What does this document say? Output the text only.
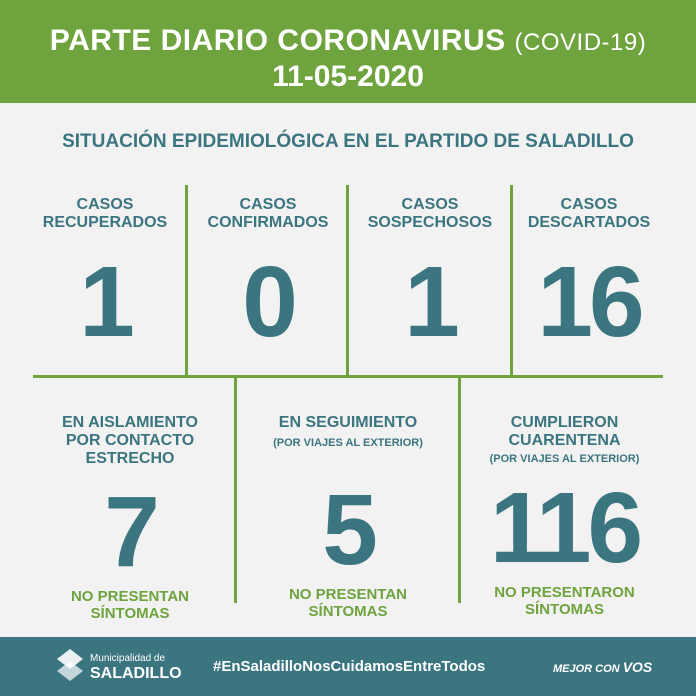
PARTE DIARIO CORONAVIRUS (COVID-19)
11-05-2020
SITUACIÓN EPIDEMIOLÓGICA EN EL PARTIDO DE SALADILLO
CASOS
RECUPERADOS
1
CASOS
CONFIRMADOS
0
CASOS
SOSPECHOSOS
1
CASOS
DESCARTADOS
16
EN AISLAMIENTO
POR CONTACTO
ESTRECHO
7
NO PRESENTAN
SÍNTOMAS
EN SEGUIMIENTO
(POR VIAJES AL EXTERIOR)
5
NO PRESENTAN
SÍNTOMAS
CUMPLIERON
CUARENTENA
(POR VIAJES AL EXTERIOR)
116
NO PRESENTARON
SÍNTOMAS
Municipalidad de
SALADILLO #EnSaladilloNosCuidamosEntreTodos	MEJOR CON VOS
